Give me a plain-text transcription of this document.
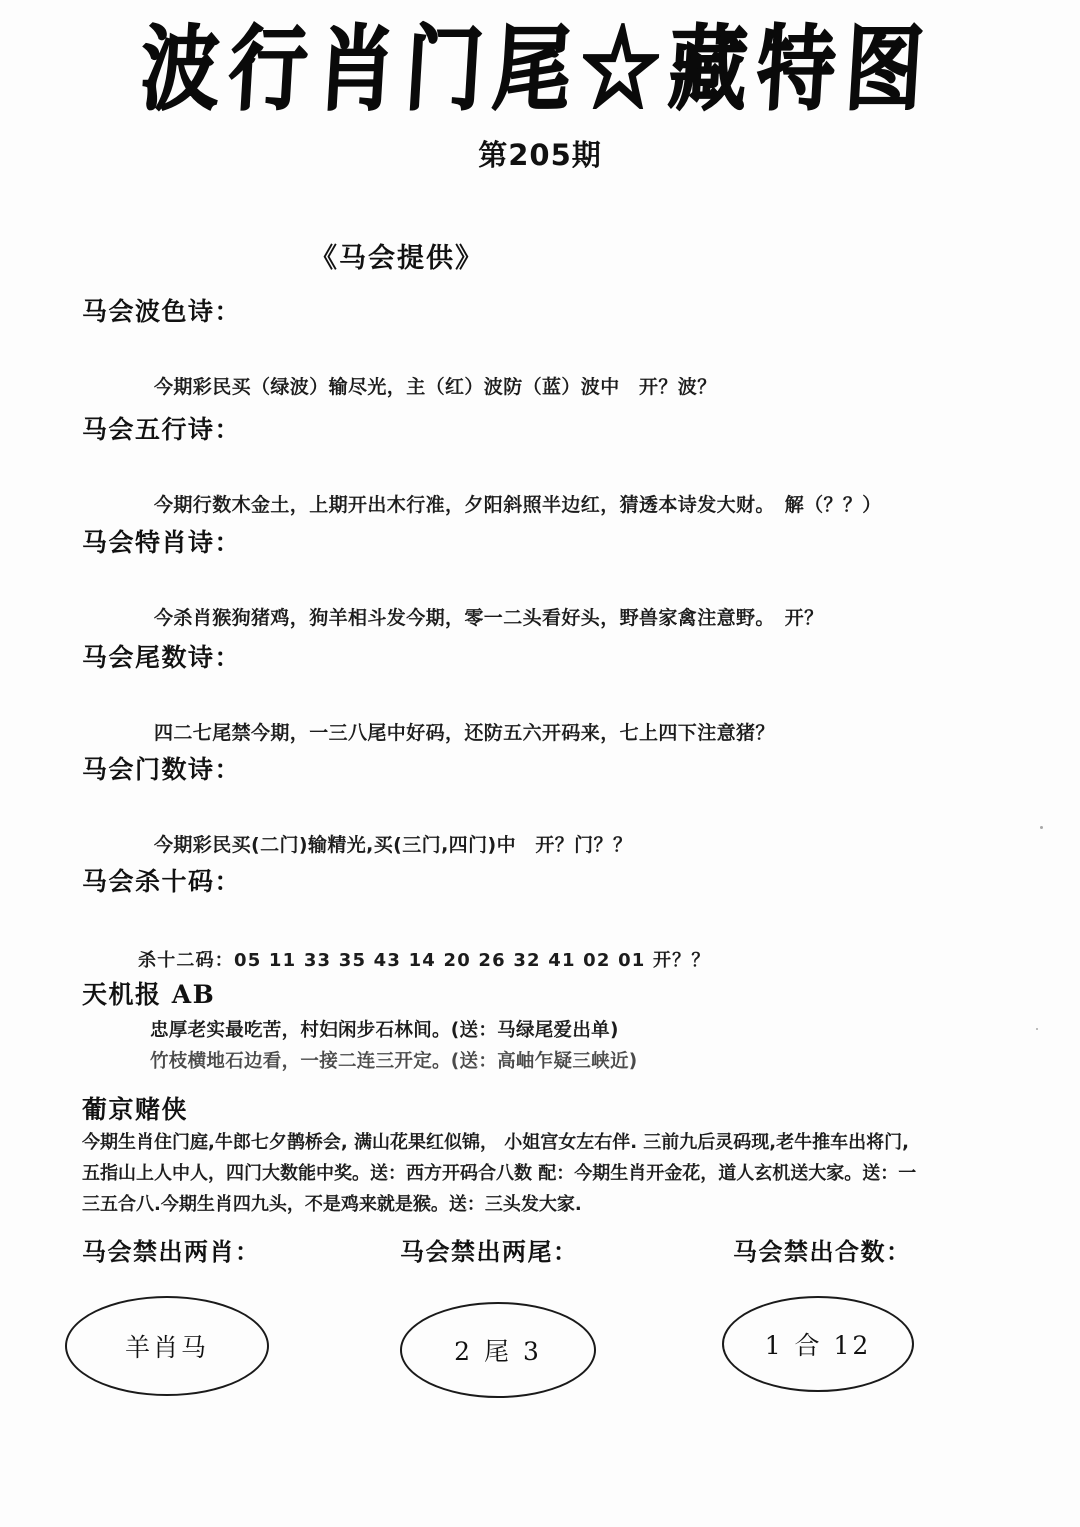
波行肖门尾☆藏特图
第205期
《马会提供》
马会波色诗：
今期彩民买（绿波）输尽光，主（红）波防（蓝）波中　开？波？
马会五行诗：
今期行数木金土，上期开出木行准，夕阳斜照半边红，猜透本诗发大财。　解（？？）
马会特肖诗：
今杀肖猴狗猪鸡，狗羊相斗发今期，零一二头看好头，野兽家禽注意野。　开？
马会尾数诗：
四二七尾禁今期，一三八尾中好码，还防五六开码来，七上四下注意猪？
马会门数诗：
今期彩民买(二门)输精光,买(三门,四门)中　开？门？？
马会杀十码：
杀十二码：05 11 33 35 43 14 20 26 32 41 02 01 开？？
天机报 AB
忠厚老实最吃苦，村妇闲步石林间。(送：马绿尾爱出单)
竹枝横地石边看，一接二连三开定。(送：高岫乍疑三峡近)
葡京赌侠
今期生肖住门庭,牛郎七夕鹊桥会, 满山花果红似锦， 小姐宫女左右伴. 三前九后灵码现,老牛推车出将门,
五指山上人中人，四门大数能中奖。送：西方开码合八数 配：今期生肖开金花，道人玄机送大家。送：一
三五合八.今期生肖四九头，不是鸡来就是猴。送：三头发大家.
马会禁出两肖：	马会禁出两尾：	马会禁出合数：
羊肖马	2 尾 3	1 合 12
